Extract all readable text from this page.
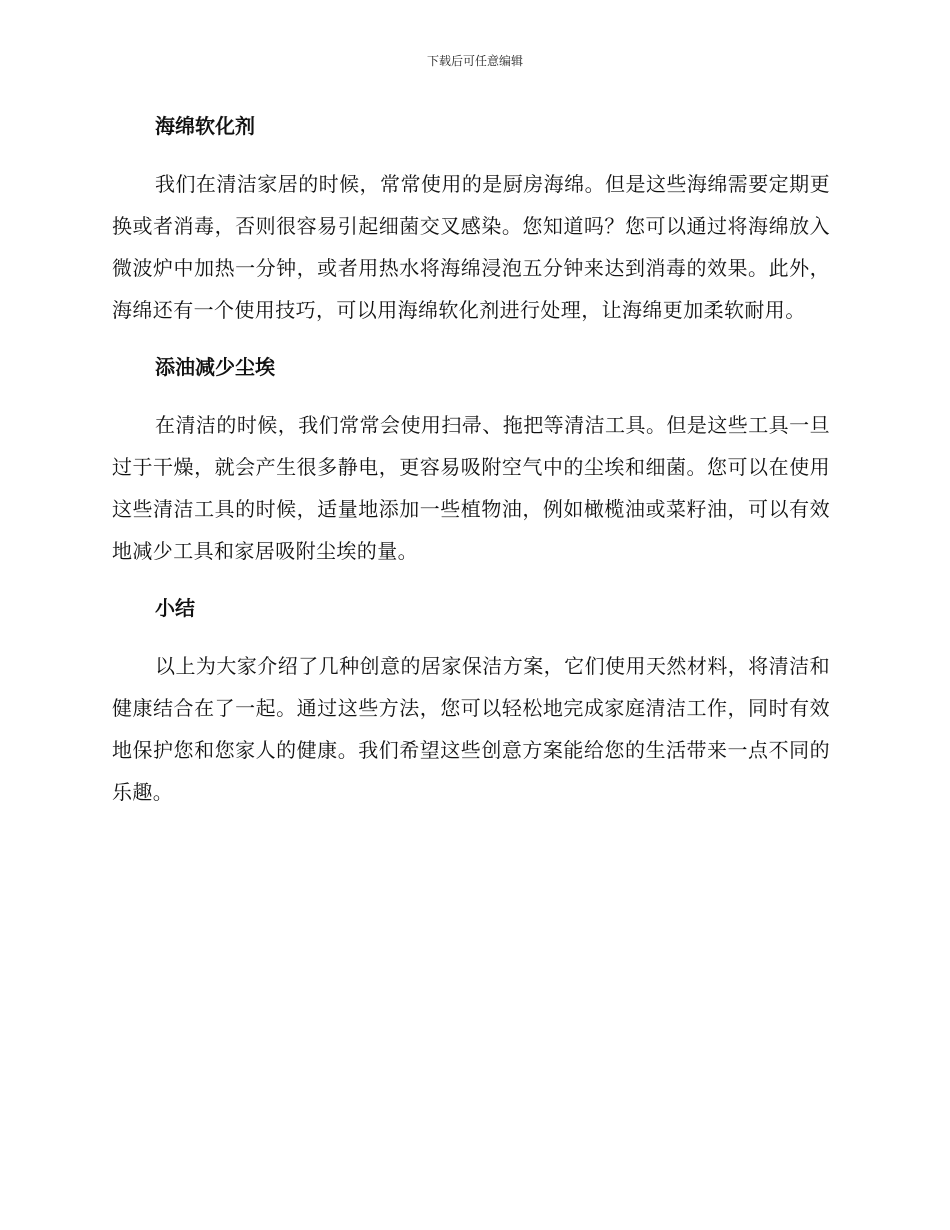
下载后可任意编辑
海绵软化剂

我们在清洁家居的时候，常常使用的是厨房海绵。但是这些海绵需要定期更换或者消毒，否则很容易引起细菌交叉感染。您知道吗？您可以通过将海绵放入微波炉中加热一分钟，或者用热水将海绵浸泡五分钟来达到消毒的效果。此外，海绵还有一个使用技巧，可以用海绵软化剂进行处理，让海绵更加柔软耐用。

添油减少尘埃

在清洁的时候，我们常常会使用扫帚、拖把等清洁工具。但是这些工具一旦过于干燥，就会产生很多静电，更容易吸附空气中的尘埃和细菌。您可以在使用这些清洁工具的时候，适量地添加一些植物油，例如橄榄油或菜籽油，可以有效地减少工具和家居吸附尘埃的量。

小结

以上为大家介绍了几种创意的居家保洁方案，它们使用天然材料，将清洁和健康结合在了一起。通过这些方法，您可以轻松地完成家庭清洁工作，同时有效地保护您和您家人的健康。我们希望这些创意方案能给您的生活带来一点不同的乐趣。
